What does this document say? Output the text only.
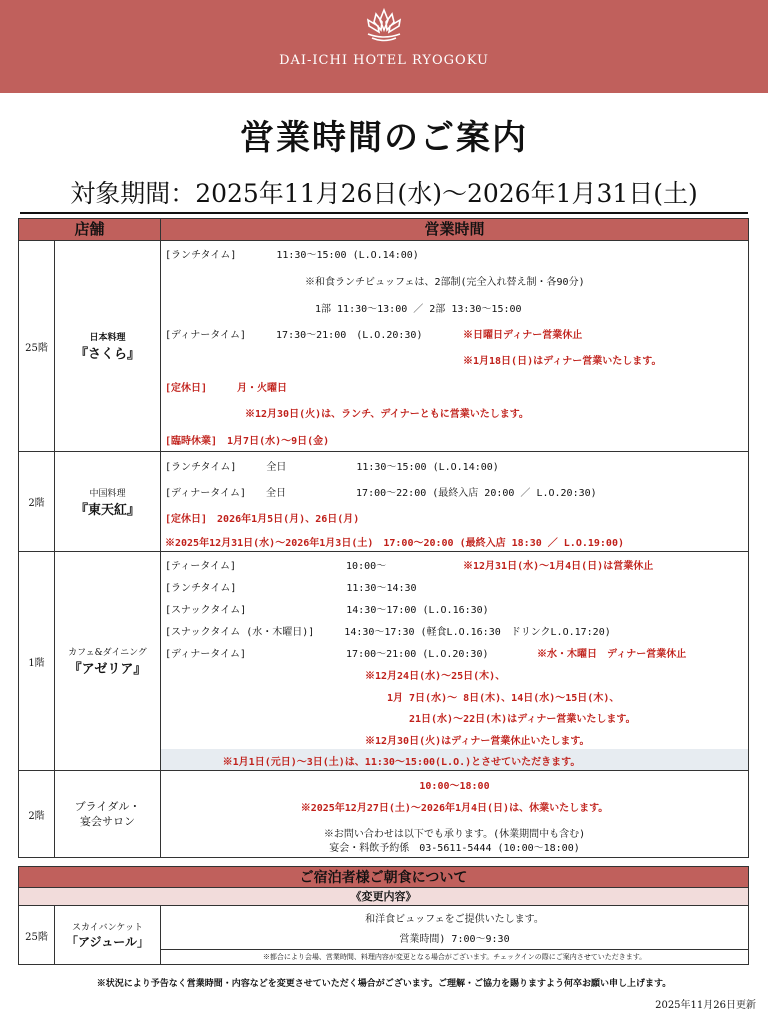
DAI-ICHI HOTEL RYOGOKU
営業時間のご案内
対象期間：2025年11月26日(水)～2026年1月31日(土)
店舗	営業時間
25階
日本料理
『さくら』
[ランチタイム]　　　　11:30～15:00 (L.O.14:00)
※和食ランチビュッフェは、2部制(完全入れ替え制・各90分)
1部 11:30～13:00 ／ 2部 13:30～15:00
[ディナータイム]　　　17:30～21:00　(L.O.20:30)	※日曜日ディナー営業休止
※1月18日(日)はディナー営業いたします。
[定休日]　　　月・火曜日
※12月30日(火)は、ランチ、デイナーともに営業いたします。
[臨時休業]　1月7日(水)～9日(金)
2階
中国料理
『東天紅』
[ランチタイム]　　　全日　　　　　　　11:30～15:00 (L.O.14:00)
[ディナータイム]　　全日　　　　　　　17:00～22:00 (最終入店 20:00 ／ L.O.20:30)
[定休日]　2026年1月5日(月)、26日(月)
※2025年12月31日(水)～2026年1月3日(土)　17:00～20:00 (最終入店 18:30 ／ L.O.19:00)
1階
カフェ&ダイニング
『アゼリア』
[ティータイム]　　　　　　　　　　　10:00～	※12月31日(水)～1月4日(日)は営業休止
[ランチタイム]　　　　　　　　　　　11:30～14:30
[スナックタイム]　　　　　　　　　　14:30～17:00 (L.O.16:30)
[スナックタイム (水・木曜日)]　　　14:30～17:30 (軽食L.O.16:30　ドリンクL.O.17:20)
[ディナータイム]　　　　　　　　　　17:00～21:00 (L.O.20:30)	※水・木曜日　ディナー営業休止
※12月24日(水)～25日(木)、
1月 7日(水)～ 8日(木)、14日(水)～15日(木)、
21日(水)～22日(木)はディナー営業いたします。
※12月30日(火)はディナー営業休止いたします。
※1月1日(元日)～3日(土)は、11:30～15:00(L.O.)とさせていただきます。
2階
ブライダル・
宴会サロン
10:00～18:00
※2025年12月27日(土)～2026年1月4日(日)は、休業いたします。
※お問い合わせは以下でも承ります。(休業期間中も含む)
宴会・料飲予約係　03-5611-5444 (10:00～18:00)
ご宿泊者様ご朝食について
《変更内容》
25階
スカイバンケット
「アジュール」
和洋食ビュッフェをご提供いたします。
営業時間) 7:00～9:30
※都合により会場、営業時間、料理内容が変更となる場合がございます。チェックインの際にご案内させていただきます。
※状況により予告なく営業時間・内容などを変更させていただく場合がございます。ご理解・ご協力を賜りますよう何卒お願い申し上げます。
2025年11月26日更新
